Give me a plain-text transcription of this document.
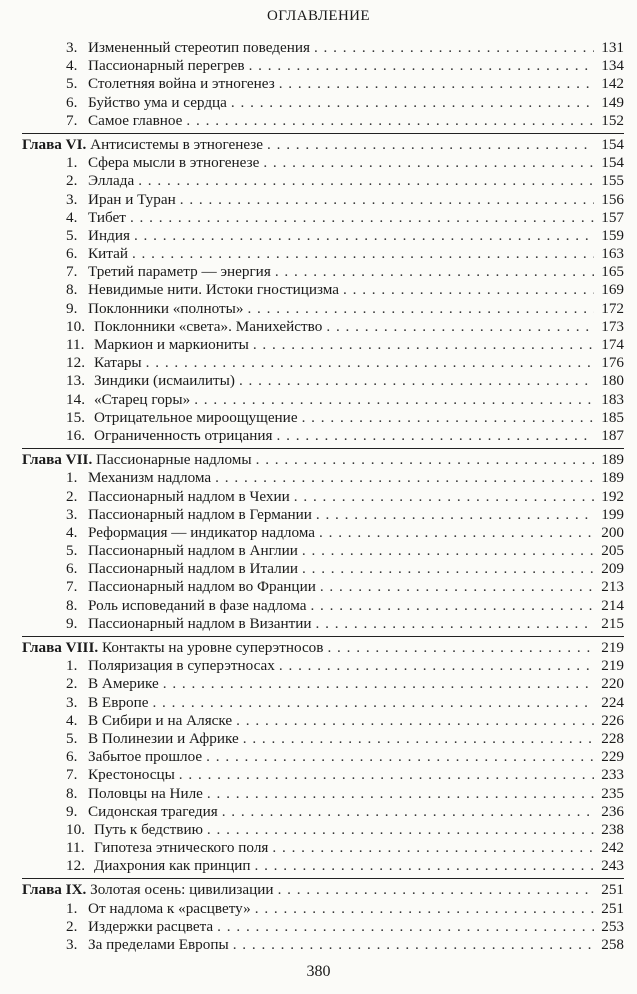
ОГЛАВЛЕНИЕ
3. Измененный стереотип поведения . . .	131
4. Пассионарный перегрев . . .	134
5. Столетняя война и этногенез . . .	142
6. Буйство ума и сердца . . .	149
7. Самое главное . . .	152
Глава VI. Антисистемы в этногенезе . . .	154
1. Сфера мысли в этногенезе . . .	154
2. Эллада . . .	155
3. Иран и Туран . . .	156
4. Тибет . . .	157
5. Индия . . .	159
6. Китай . . .	163
7. Третий параметр — энергия . . .	165
8. Невидимые нити. Истоки гностицизма . . .	169
9. Поклонники «полноты» . . .	172
10. Поклонники «света». Манихейство . . .	173
11. Маркион и маркиониты . . .	174
12. Катары . . .	176
13. Зиндики (исмаилиты) . . .	180
14. «Старец горы» . . .	183
15. Отрицательное мироощущение . . .	185
16. Ограниченность отрицания . . .	187
Глава VII. Пассионарные надломы . . .	189
1. Механизм надлома . . .	189
2. Пассионарный надлом в Чехии . . .	192
3. Пассионарный надлом в Германии . . .	199
4. Реформация — индикатор надлома . . .	200
5. Пассионарный надлом в Англии . . .	205
6. Пассионарный надлом в Италии . . .	209
7. Пассионарный надлом во Франции . . .	213
8. Роль исповеданий в фазе надлома . . .	214
9. Пассионарный надлом в Византии . . .	215
Глава VIII. Контакты на уровне суперэтносов . . .	219
1. Поляризация в суперэтносах . . .	219
2. В Америке . . .	220
3. В Европе . . .	224
4. В Сибири и на Аляске . . .	226
5. В Полинезии и Африке . . .	228
6. Забытое прошлое . . .	229
7. Крестоносцы . . .	233
8. Половцы на Ниле . . .	235
9. Сидонская трагедия . . .	236
10. Путь к бедствию . . .	238
11. Гипотеза этнического поля . . .	242
12. Диахрония как принцип . . .	243
Глава IX. Золотая осень: цивилизации . . .	251
1. От надлома к «расцвету» . . .	251
2. Издержки расцвета . . .	253
3. За пределами Европы . . .	258
380
